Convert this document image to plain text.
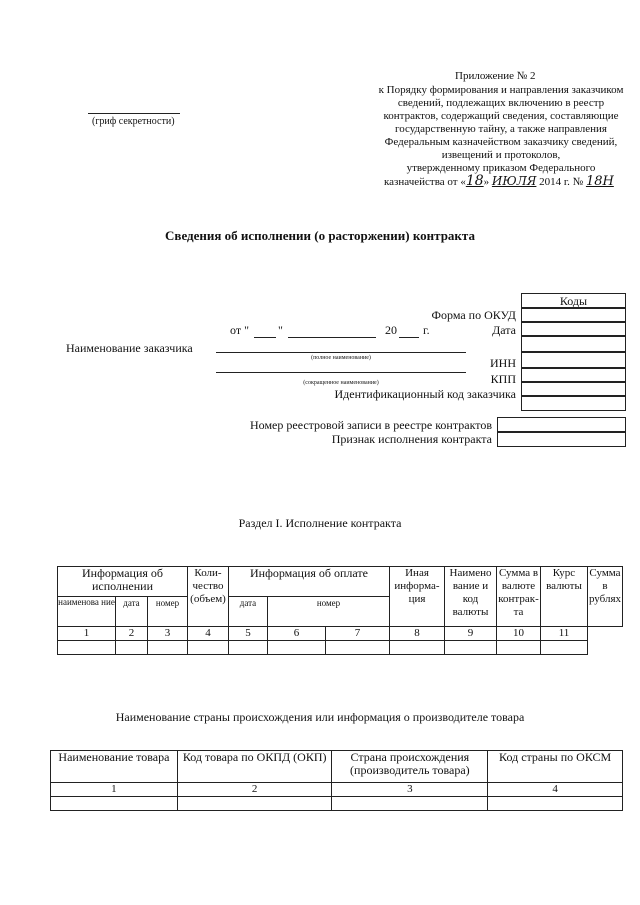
Приложение № 2
к Порядку формирования и направления заказчиком
сведений, подлежащих включению в реестр
контрактов, содержащий сведения, составляющие
государственную тайну, а также направления
Федеральным казначейством заказчику сведений,
извещений и протоколов,
утвержденному приказом Федерального
казначейства от «18» ИЮЛЯ 2014 г. № 18Н
(гриф секретности)
Сведения об исполнении (о расторжении) контракта
Коды
Форма по ОКУД
Дата
от " "	20 г.
Наименование заказчика
(полное наименование)
(сокращенное наименование)
ИНН
КПП
Идентификационный код заказчика
Номер реестровой записи в реестре контрактов
Признак исполнения контракта
Раздел I. Исполнение контракта
Информация об исполнении			Коли-чество (объем)	Информация об оплате			Иная информа-ция	Наимено вание и код валюты	Сумма в валюте контрак-та	Курс валюты	Сумма в рублях
наименова ние	дата	номер		дата	номер						
1	2	3	4	5	6	7	8	9	10	11	

Наименование страны происхождения или информация о производителе товара
Наименование товара	Код товара по ОКПД (ОКП)	Страна происхождения (производитель товара)	Код страны по ОКСМ
1	2	3	4
